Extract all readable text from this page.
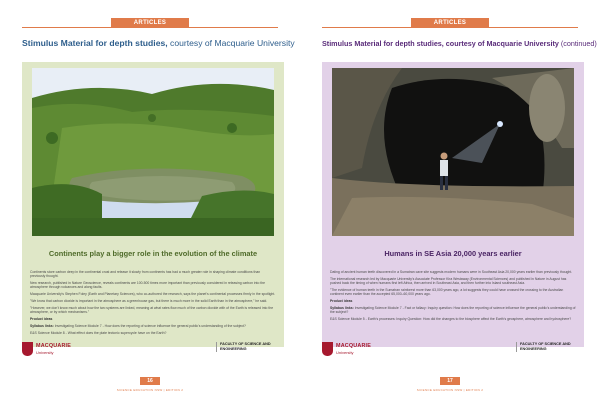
ARTICLES
Stimulus Material for depth studies, courtesy of Macquarie University
Continents play a bigger role in the evolution of the climate

Continents store carbon deep in the continental crust and release it slowly from continents has had a much greater role in shaping climate conditions than previously thought.

New research, published in Nature Geoscience, reveals continents are 100-500 times more important than previously considered in releasing carbon into the atmosphere through volcanoes and along faults.

Macquarie University's Stephen Foley (Earth and Planetary Sciences), who co-authored the research, says the planet's continental processes firmly in the spotlight.

"We know that carbon dioxide is important in the atmosphere as a greenhouse gas, but there is much more in the solid Earth than in the atmosphere," he said.

"However, we don't know much about how the two systems are linked, meaning at what rates flow much of the carbon dioxide with of the Earth is released into the atmosphere, or by which mechanisms."

Product ideas

Syllabus links: Investigating Science Module 7 - How does the reporting of science influence the general public's understanding of the subject?

E&S Science Module 8 - What effect does the plate tectonic supercycle have on the Earth?

MACQUARIE
University
FACULTY OF SCIENCE AND ENGINEERING
16
SCIENCE EDUCATION NSW | EDITION 2
ARTICLES
Stimulus Material for depth studies, courtesy of Macquarie University (continued)
Humans in SE Asia 20,000 years earlier

Dating of ancient human teeth discovered in a Sumatran cave site suggests modern humans were in Southeast Asia 20,000 years earlier than previously thought.

The international research led by Macquarie University's Associate Professor Kira Westaway (Environmental Sciences) and published in Nature in August has pushed back the timing of when humans first left Africa, then arrived in Southeast Asia, and then further into Island southeast Asia.

"The evidence of human teeth in the Sumatran rainforest more than 63,000 years ago, a lot suggests they could have crossed the crossing to the Australian continent even earlier than the accepted 65,000–60,000 years ago.

Product ideas

Syllabus links: Investigating Science Module 7 - Fact or fallacy: Inquiry question: How does the reporting of science influence the general public's understanding of the subject?

E&S Science Module 5 - Earth's processes: Inquiry Question: How did the changes to the biosphere affect the Earth's geosphere, atmosphere and hydrosphere?

MACQUARIE
University
FACULTY OF SCIENCE AND ENGINEERING
17
SCIENCE EDUCATION NSW | EDITION 2
